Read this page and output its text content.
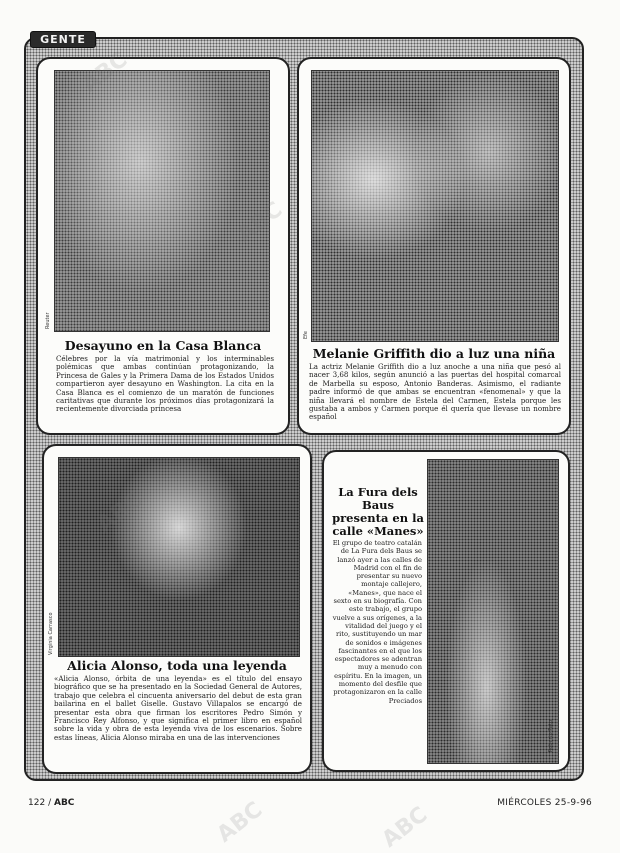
GENTE
Reuter
Desayuno en la Casa Blanca
Célebres por la vía matrimonial y los interminables polémicas que ambas continúan protagonizando, la Princesa de Gales y la Primera Dama de los Estados Unidos compartieron ayer desayuno en Washington. La cita en la Casa Blanca es el comienzo de un maratón de funciones caritativas que durante los próximos días protagonizará la recientemente divorciada princesa
Efe
Melanie Griffith dio a luz una niña
La actriz Melanie Griffith dio a luz anoche a una niña que pesó al nacer 3,68 kilos, según anunció a las puertas del hospital comarcal de Marbella su esposo, Antonio Banderas. Asimismo, el radiante padre informó de que ambas se encuentran «fenomenal» y que la niña llevará el nombre de Estela del Carmen, Estela porque les gustaba a ambos y Carmen porque él quería que llevase un nombre español
Virginia Carrasco
Alicia Alonso, toda una leyenda
«Alicia Alonso, órbita de una leyenda» es el título del ensayo biográfico que se ha presentado en la Sociedad General de Autores, trabajo que celebra el cincuenta aniversario del debut de esta gran bailarina en el ballet Giselle. Gustavo Villapalos se encargó de presentar esta obra que firman los escritores Pedro Simón y Francisco Rey Alfonso, y que significa el primer libro en español sobre la vida y obra de esta leyenda viva de los escenarios. Sobre estas líneas, Alicia Alonso miraba en una de las intervenciones	Roberto Pato
La Fura dels Baus presenta en la calle «Manes»
El grupo de teatro catalán de La Fura dels Baus se lanzó ayer a las calles de Madrid con el fin de presentar su nuevo montaje callejero, «Manes», que nace el sexto en su biografía. Con este trabajo, el grupo vuelve a sus orígenes, a la vitalidad del juego y el rito, sustituyendo un mar de sonidos e imágenes fascinantes en el que los espectadores se adentran muy a menudo con espíritu. En la imagen, un momento del desfile que protagonizaron en la calle Preciados
122 / ABC	MIÉRCOLES 25-9-96
ABC	ABC
